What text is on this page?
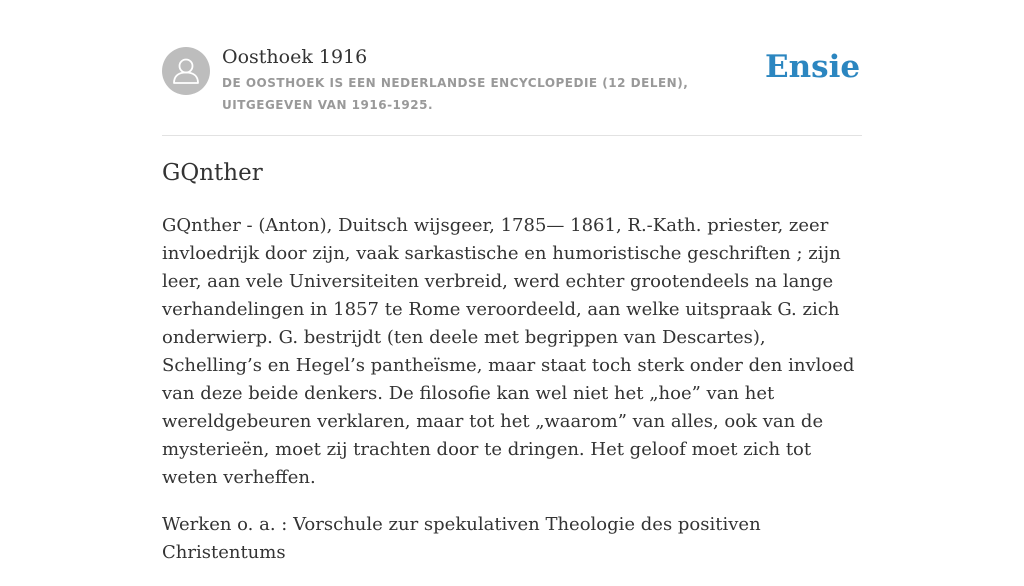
Oosthoek 1916
DE OOSTHOEK IS EEN NEDERLANDSE ENCYCLOPEDIE (12 DELEN), UITGEGEVEN VAN 1916-1925.
Ensie
GQnther

GQnther - (Anton), Duitsch wijsgeer, 1785— 1861, R.-Kath. priester, zeer invloedrijk door zijn, vaak sarkastische en humoristische geschriften ; zijn leer, aan vele Universiteiten verbreid, werd echter grootendeels na lange verhandelingen in 1857 te Rome veroordeeld, aan welke uitspraak G. zich onderwierp. G. bestrijdt (ten deele met begrippen van Descartes), Schelling’s en Hegel’s pantheïsme, maar staat toch sterk onder den invloed van deze beide denkers. De filosofie kan wel niet het „hoe” van het wereldgebeuren verklaren, maar tot het „waarom” van alles, ook van de mysterieën, moet zij trachten door te dringen. Het geloof moet zich tot weten verheffen.

Werken o. a. : Vorschule zur spekulativen Theologie des positiven Christentums
